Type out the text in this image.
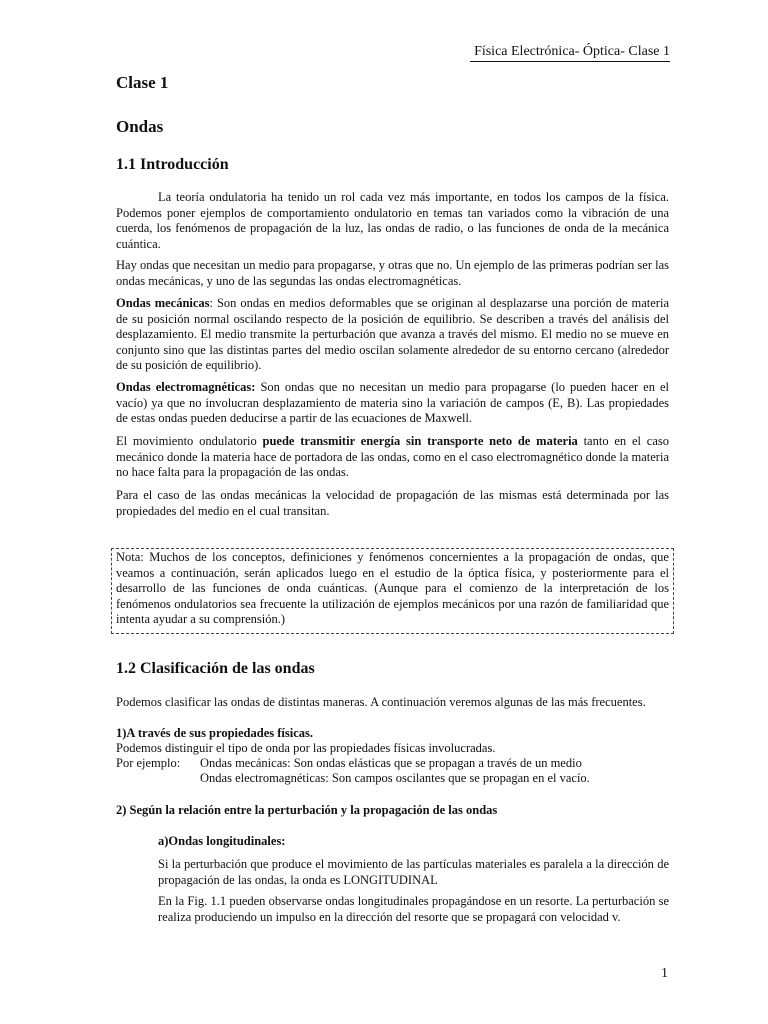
Física Electrónica- Óptica- Clase 1
Clase 1
Ondas
1.1 Introducción
La teoría ondulatoria ha tenido un rol cada vez más importante, en todos los campos de la física. Podemos poner ejemplos de comportamiento ondulatorio en temas tan variados como la vibración de una cuerda, los fenómenos de propagación de la luz, las ondas de radio, o las funciones de onda de la mecánica cuántica.
Hay ondas que necesitan un medio para propagarse, y otras que no. Un ejemplo de las primeras podrían ser las ondas mecánicas, y uno de las segundas las ondas electromagnéticas.
Ondas mecánicas: Son ondas en medios deformables que se originan al desplazarse una porción de materia de su posición normal oscilando respecto de la posición de equilibrio. Se describen a través del análisis del desplazamiento. El medio transmite la perturbación que avanza a través del mismo. El medio no se mueve en conjunto sino que las distintas partes del medio oscilan solamente alrededor de su entorno cercano (alrededor de su posición de equilibrio).
Ondas electromagnéticas: Son ondas que no necesitan un medio para propagarse (lo pueden hacer en el vacío) ya que no involucran desplazamiento de materia sino la variación de campos (E, B). Las propiedades de estas ondas pueden deducirse a partir de las ecuaciones de Maxwell.
El movimiento ondulatorio puede transmitir energía sin transporte neto de materia tanto en el caso mecánico donde la materia hace de portadora de las ondas, como en el caso electromagnético donde la materia no hace falta para la propagación de las ondas.
Para el caso de las ondas mecánicas la velocidad de propagación de las mismas está determinada por las propiedades del medio en el cual transitan.
Nota: Muchos de los conceptos, definiciones y fenómenos concernientes a la propagación de ondas, que veamos a continuación, serán aplicados luego en el estudio de la óptica física, y posteriormente para el desarrollo de las funciones de onda cuánticas. (Aunque para el comienzo de la interpretación de los fenómenos ondulatorios sea frecuente la utilización de ejemplos mecánicos por una razón de familiaridad que intenta ayudar a su comprensión.)
1.2 Clasificación de las ondas
Podemos clasificar las ondas de distintas maneras. A continuación veremos algunas de las más frecuentes.
1)A través de sus propiedades físicas.
Podemos distinguir el tipo de onda por las propiedades físicas involucradas.
Por ejemplo: Ondas mecánicas: Son ondas elásticas que se propagan a través de un medio
Ondas electromagnéticas: Son campos oscilantes que se propagan en el vacío.
2) Según la relación entre la perturbación y la propagación de las ondas
a)Ondas longitudinales:
Si la perturbación que produce el movimiento de las partículas materiales es paralela a la dirección de propagación de las ondas, la onda es LONGITUDINAL
En la Fig. 1.1 pueden observarse ondas longitudinales propagándose en un resorte. La perturbación se realiza produciendo un impulso en la dirección del resorte que se propagará con velocidad v.
1
